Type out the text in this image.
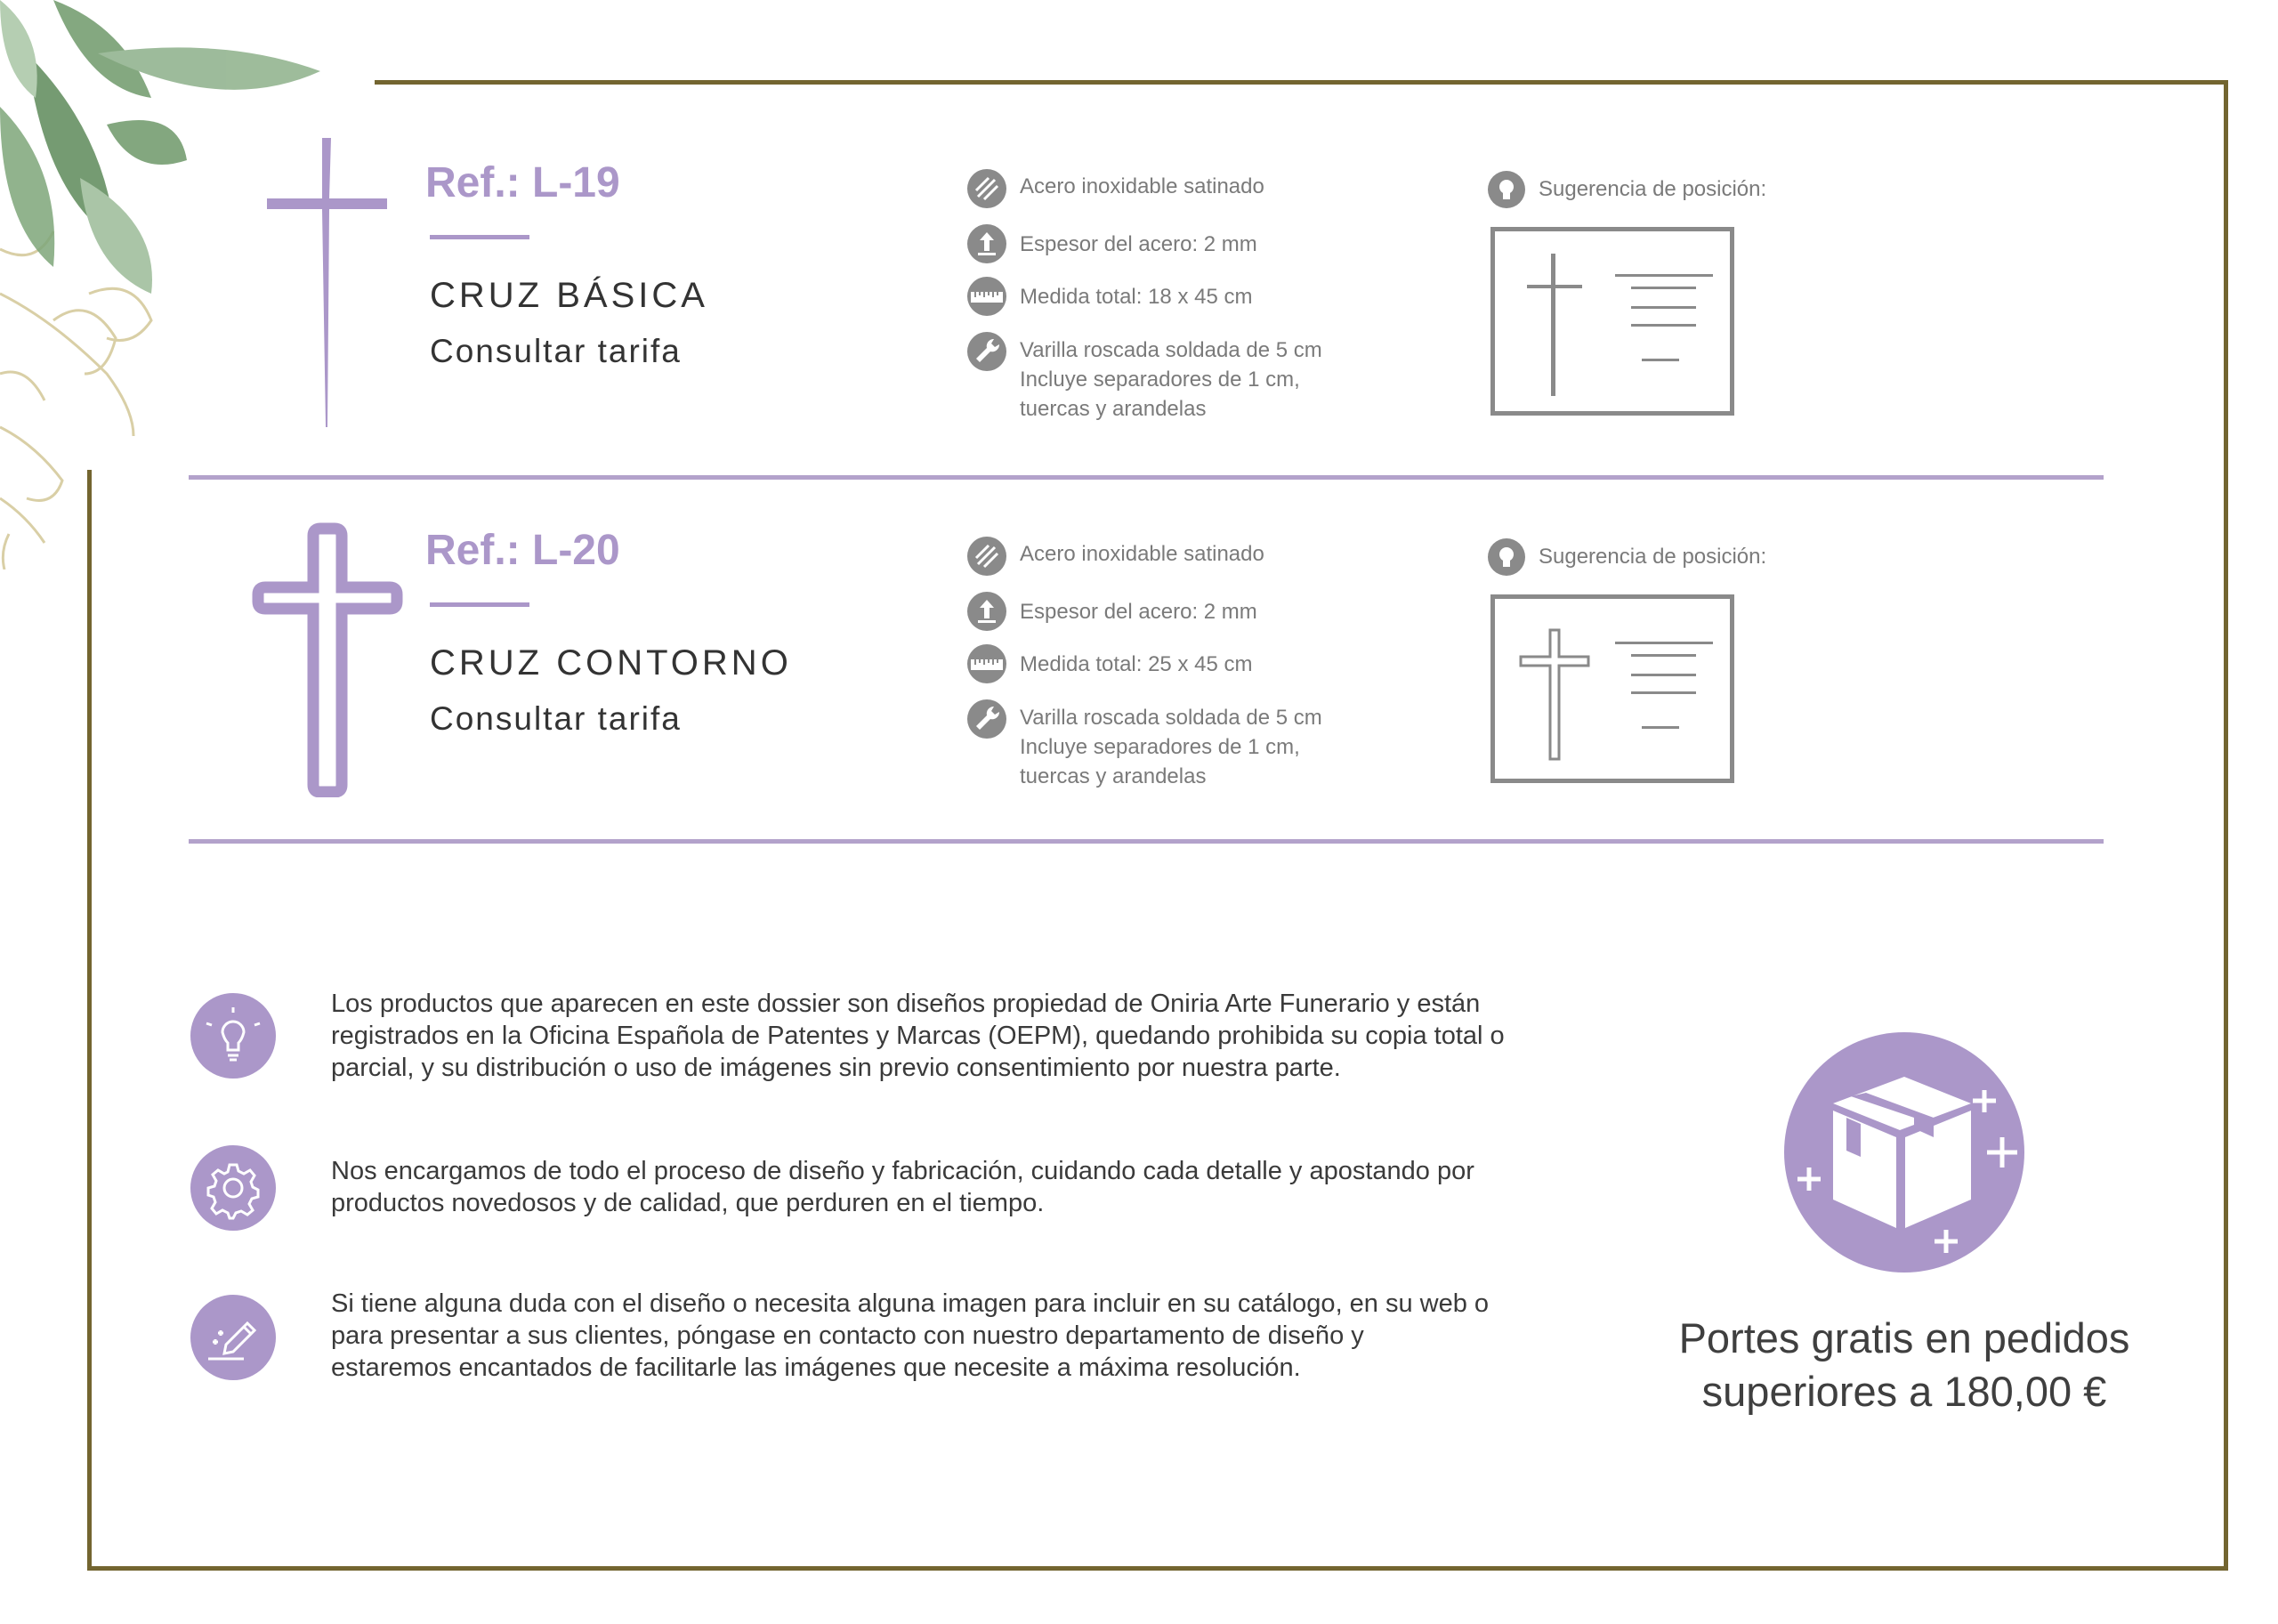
Ref.: L-19
CRUZ BÁSICA
Consultar tarifa
Acero inoxidable satinado
Espesor del acero: 2 mm
Medida total: 18 x 45 cm
Varilla roscada soldada de 5 cm
Incluye separadores de 1 cm,
tuercas y arandelas
Sugerencia de posición:
Ref.: L-20
CRUZ CONTORNO
Consultar tarifa
Acero inoxidable satinado
Espesor del acero: 2 mm
Medida total: 25 x 45 cm
Varilla roscada soldada de 5 cm
Incluye separadores de 1 cm,
tuercas y arandelas
Sugerencia de posición:
Los productos que aparecen en este dossier son diseños propiedad de Oniria Arte Funerario y están
registrados en la Oficina Española de Patentes y Marcas (OEPM), quedando prohibida su copia total o
parcial, y su distribución o uso de imágenes sin previo consentimiento por nuestra parte.
Nos encargamos de todo el proceso de diseño y fabricación, cuidando cada detalle y apostando por
productos novedosos y de calidad, que perduren en el tiempo.
Si tiene alguna duda con el diseño o necesita alguna imagen para incluir en su catálogo, en su web o
para presentar a sus clientes, póngase en contacto con nuestro departamento de diseño y
estaremos encantados de facilitarle las imágenes que necesite a máxima resolución.
Portes gratis en pedidos
superiores a 180,00 €
